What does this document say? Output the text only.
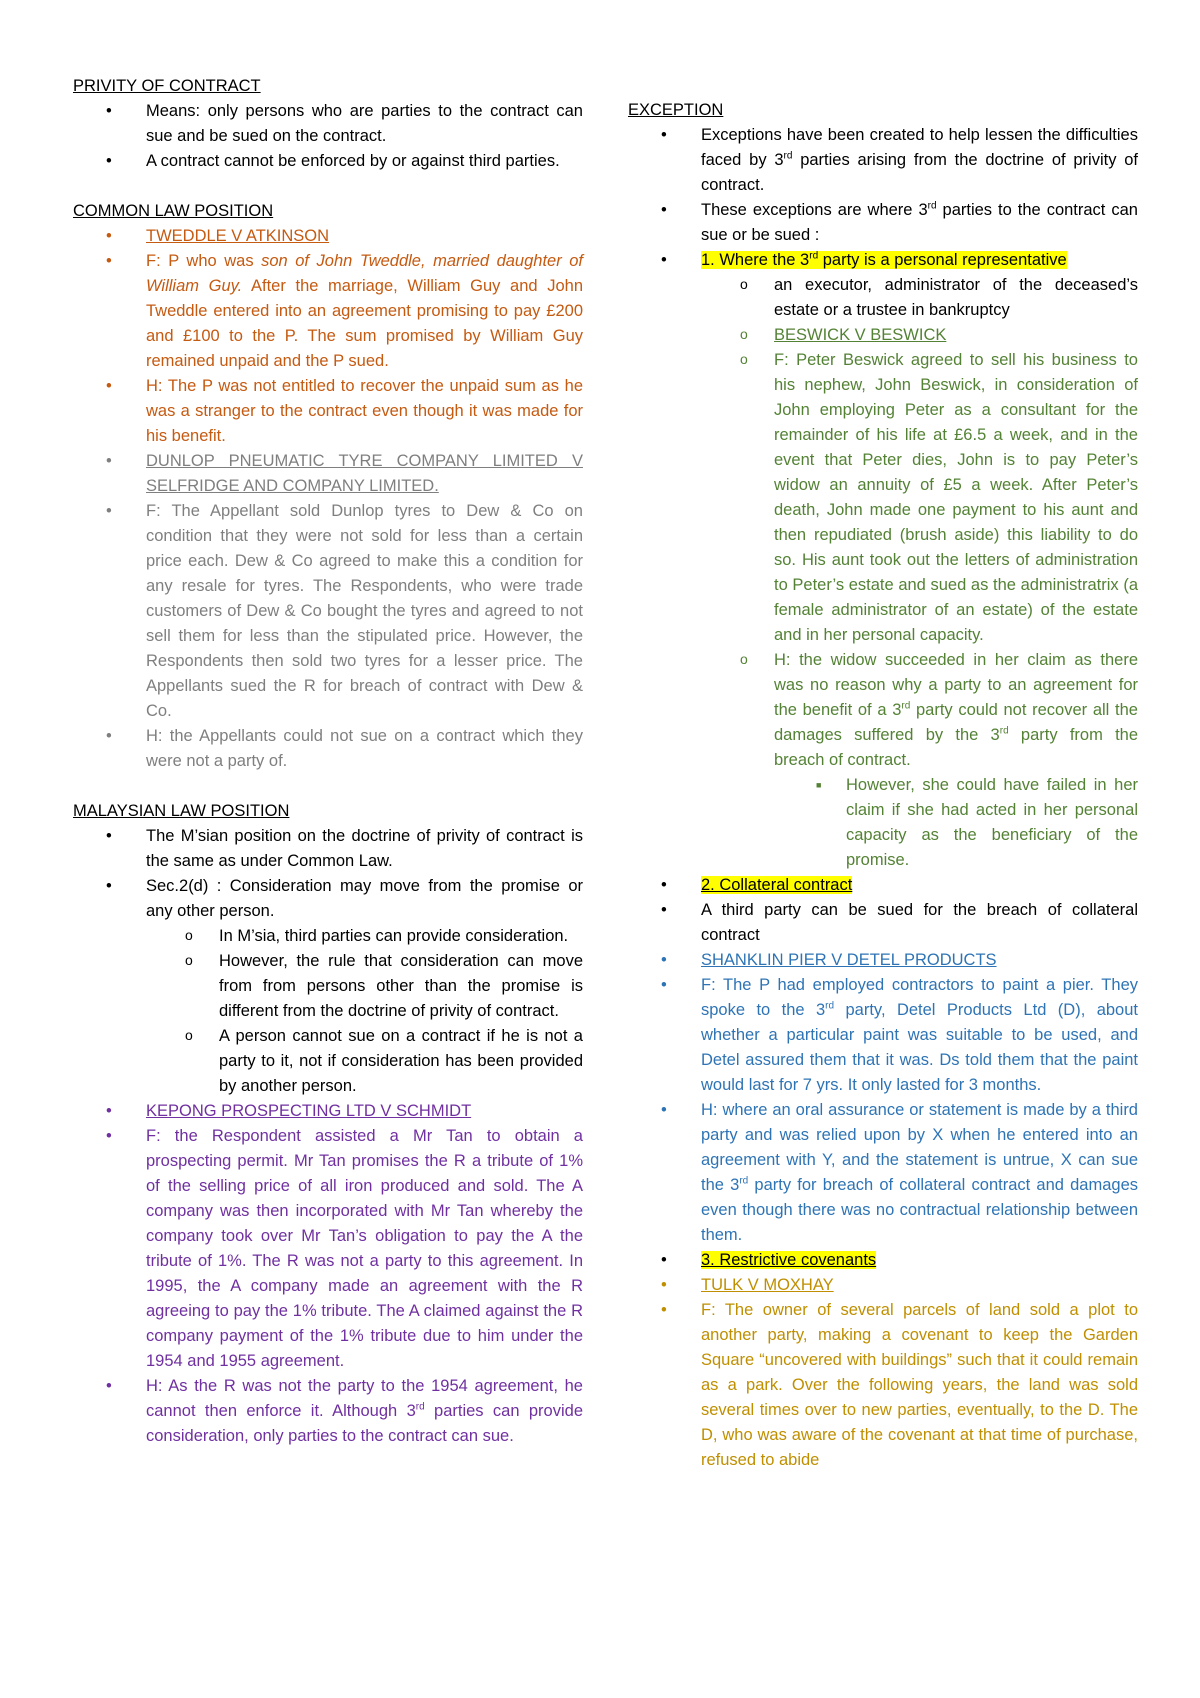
PRIVITY OF CONTRACT
• Means: only persons who are parties to the contract can sue and be sued on the contract.
• A contract cannot be enforced by or against third parties.
COMMON LAW POSITION
• TWEDDLE V ATKINSON
• F: P who was son of John Tweddle, married daughter of William Guy. After the marriage, William Guy and John Tweddle entered into an agreement promising to pay £200 and £100 to the P. The sum promised by William Guy remained unpaid and the P sued.
• H: The P was not entitled to recover the unpaid sum as he was a stranger to the contract even though it was made for his benefit.
• DUNLOP PNEUMATIC TYRE COMPANY LIMITED V SELFRIDGE AND COMPANY LIMITED.
• F: The Appellant sold Dunlop tyres to Dew & Co on condition that they were not sold for less than a certain price each. Dew & Co agreed to make this a condition for any resale for tyres. The Respondents, who were trade customers of Dew & Co bought the tyres and agreed to not sell them for less than the stipulated price. However, the Respondents then sold two tyres for a lesser price. The Appellants sued the R for breach of contract with Dew & Co.
• H: the Appellants could not sue on a contract which they were not a party of.
MALAYSIAN LAW POSITION
• The M’sian position on the doctrine of privity of contract is the same as under Common Law.
• Sec.2(d) : Consideration may move from the promise or any other person.
o In M’sia, third parties can provide consideration.
o However, the rule that consideration can move from from persons other than the promise is different from the doctrine of privity of contract.
o A person cannot sue on a contract if he is not a party to it, not if consideration has been provided by another person.
• KEPONG PROSPECTING LTD V SCHMIDT
• F: the Respondent assisted a Mr Tan to obtain a prospecting permit. Mr Tan promises the R a tribute of 1% of the selling price of all iron produced and sold. The A company was then incorporated with Mr Tan whereby the company took over Mr Tan’s obligation to pay the A the tribute of 1%. The R was not a party to this agreement. In 1995, the A company made an agreement with the R agreeing to pay the 1% tribute. The A claimed against the R company payment of the 1% tribute due to him under the 1954 and 1955 agreement.
• H: As the R was not the party to the 1954 agreement, he cannot then enforce it. Although 3rd parties can provide consideration, only parties to the contract can sue.
EXCEPTION
• Exceptions have been created to help lessen the difficulties faced by 3rd parties arising from the doctrine of privity of contract.
• These exceptions are where 3rd parties to the contract can sue or be sued :
• 1. Where the 3rd party is a personal representative
o an executor, administrator of the deceased’s estate or a trustee in bankruptcy
o BESWICK V BESWICK
o F: Peter Beswick agreed to sell his business to his nephew, John Beswick, in consideration of John employing Peter as a consultant for the remainder of his life at £6.5 a week, and in the event that Peter dies, John is to pay Peter’s widow an annuity of £5 a week. After Peter’s death, John made one payment to his aunt and then repudiated (brush aside) this liability to do so. His aunt took out the letters of administration to Peter’s estate and sued as the administratrix (a female administrator of an estate) of the estate and in her personal capacity.
o H: the widow succeeded in her claim as there was no reason why a party to an agreement for the benefit of a 3rd party could not recover all the damages suffered by the 3rd party from the breach of contract.
■ However, she could have failed in her claim if she had acted in her personal capacity as the beneficiary of the promise.
• 2. Collateral contract
• A third party can be sued for the breach of collateral contract
• SHANKLIN PIER V DETEL PRODUCTS
• F: The P had employed contractors to paint a pier. They spoke to the 3rd party, Detel Products Ltd (D), about whether a particular paint was suitable to be used, and Detel assured them that it was. Ds told them that the paint would last for 7 yrs. It only lasted for 3 months.
• H: where an oral assurance or statement is made by a third party and was relied upon by X when he entered into an agreement with Y, and the statement is untrue, X can sue the 3rd party for breach of collateral contract and damages even though there was no contractual relationship between them.
• 3. Restrictive covenants
• TULK V MOXHAY
• F: The owner of several parcels of land sold a plot to another party, making a covenant to keep the Garden Square “uncovered with buildings” such that it could remain as a park. Over the following years, the land was sold several times over to new parties, eventually, to the D. The D, who was aware of the covenant at that time of purchase, refused to abide
